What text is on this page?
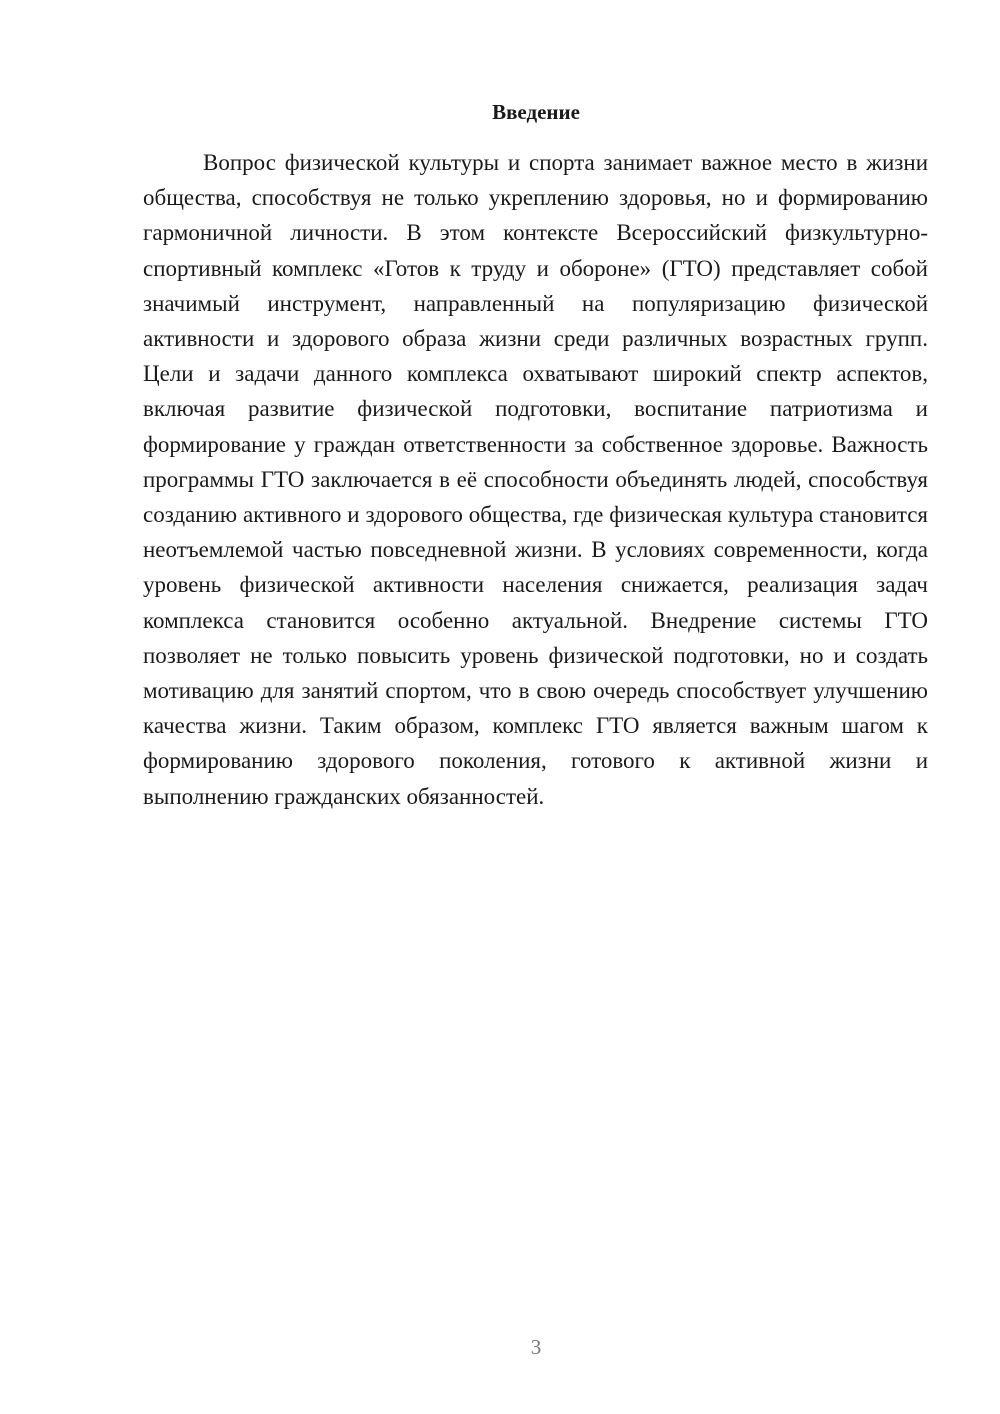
Введение

Вопрос физической культуры и спорта занимает важное место в жизни общества, способствуя не только укреплению здоровья, но и формированию гармоничной личности. В этом контексте Всероссийский физкультурно-спортивный комплекс «Готов к труду и обороне» (ГТО) представляет собой значимый инструмент, направленный на популяризацию физической активности и здорового образа жизни среди различных возрастных групп. Цели и задачи данного комплекса охватывают широкий спектр аспектов, включая развитие физической подготовки, воспитание патриотизма и формирование у граждан ответственности за собственное здоровье. Важность программы ГТО заключается в её способности объединять людей, способствуя созданию активного и здорового общества, где физическая культура становится неотъемлемой частью повседневной жизни. В условиях современности, когда уровень физической активности населения снижается, реализация задач комплекса становится особенно актуальной. Внедрение системы ГТО позволяет не только повысить уровень физической подготовки, но и создать мотивацию для занятий спортом, что в свою очередь способствует улучшению качества жизни. Таким образом, комплекс ГТО является важным шагом к формированию здорового поколения, готового к активной жизни и выполнению гражданских обязанностей.

3
